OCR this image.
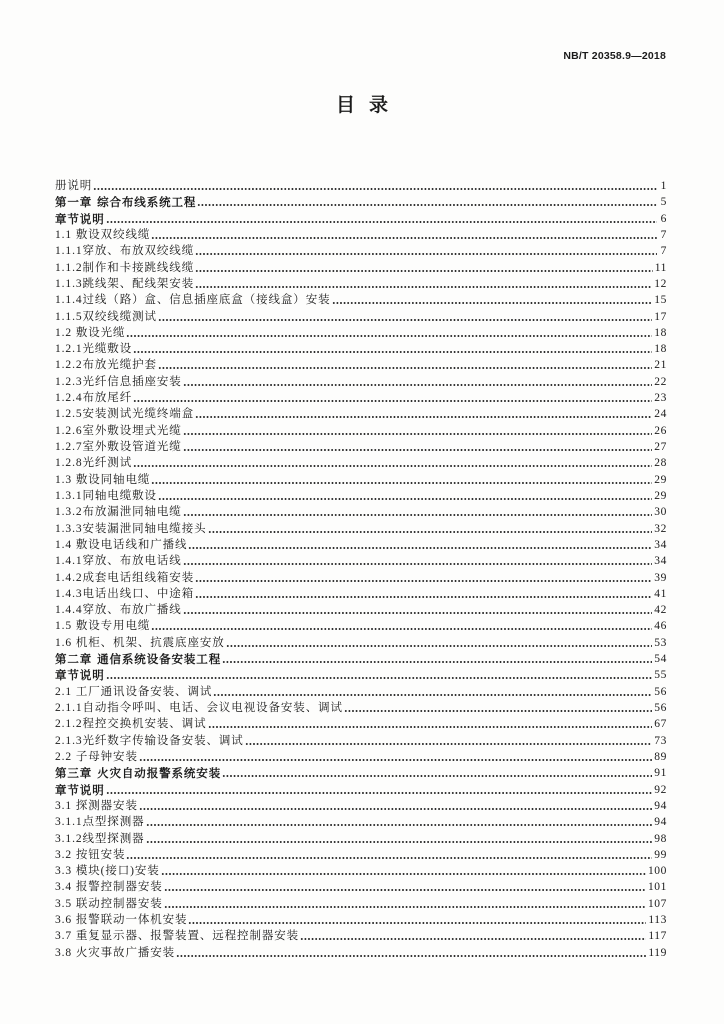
NB/T 20358.9—2018
目录
册说明	1
第一章 综合布线系统工程	5
章节说明	6
1.1 敷设双绞线缆	7
1.1.1穿放、布放双绞线缆	7
1.1.2制作和卡接跳线线缆	11
1.1.3跳线架、配线架安装	12
1.1.4过线（路）盒、信息插座底盒（接线盒）安装	15
1.1.5双绞线缆测试	17
1.2 敷设光缆	18
1.2.1光缆敷设	18
1.2.2布放光缆护套	21
1.2.3光纤信息插座安装	22
1.2.4布放尾纤	23
1.2.5安装测试光缆终端盒	24
1.2.6室外敷设埋式光缆	26
1.2.7室外敷设管道光缆	27
1.2.8光纤测试	28
1.3 敷设同轴电缆	29
1.3.1同轴电缆敷设	29
1.3.2布放漏泄同轴电缆	30
1.3.3安装漏泄同轴电缆接头	32
1.4 敷设电话线和广播线	34
1.4.1穿放、布放电话线	34
1.4.2成套电话组线箱安装	39
1.4.3电话出线口、中途箱	41
1.4.4穿放、布放广播线	42
1.5 敷设专用电缆	46
1.6 机柜、机架、抗震底座安放	53
第二章 通信系统设备安装工程	54
章节说明	55
2.1 工厂通讯设备安装、调试	56
2.1.1自动指令呼叫、电话、会议电视设备安装、调试	56
2.1.2程控交换机安装、调试	67
2.1.3光纤数字传输设备安装、调试	73
2.2 子母钟安装	89
第三章 火灾自动报警系统安装	91
章节说明	92
3.1 探测器安装	94
3.1.1点型探测器	94
3.1.2线型探测器	98
3.2 按钮安装	99
3.3 模块(接口)安装	100
3.4 报警控制器安装	101
3.5 联动控制器安装	107
3.6 报警联动一体机安装	113
3.7 重复显示器、报警装置、远程控制器安装	117
3.8 火灾事故广播安装	119
